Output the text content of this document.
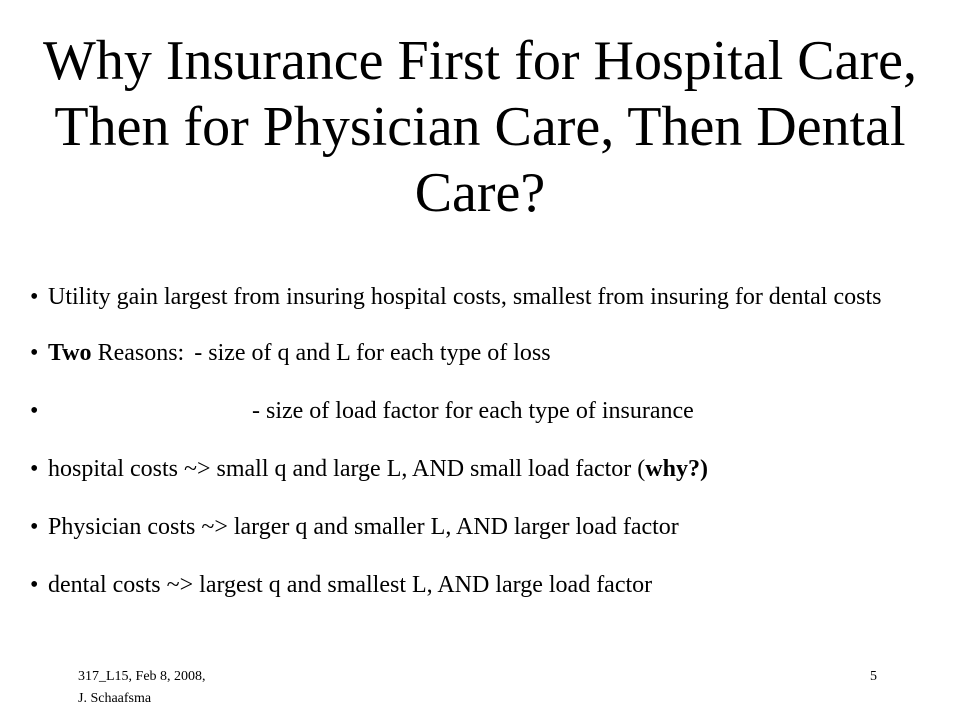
Why Insurance First for Hospital Care, Then for Physician Care, Then Dental Care?
• Utility gain largest from insuring hospital costs, smallest from insuring for dental costs
• Two Reasons: - size of q and L for each type of loss
•	- size of load factor for each type of insurance
• hospital costs ~> small q and large L, AND small load factor (why?)
• Physician costs ~> larger q and smaller L, AND larger load factor
• dental costs ~> largest q and smallest L, AND large load factor
317_L15, Feb 8, 2008,
J. Schaafsma
5
